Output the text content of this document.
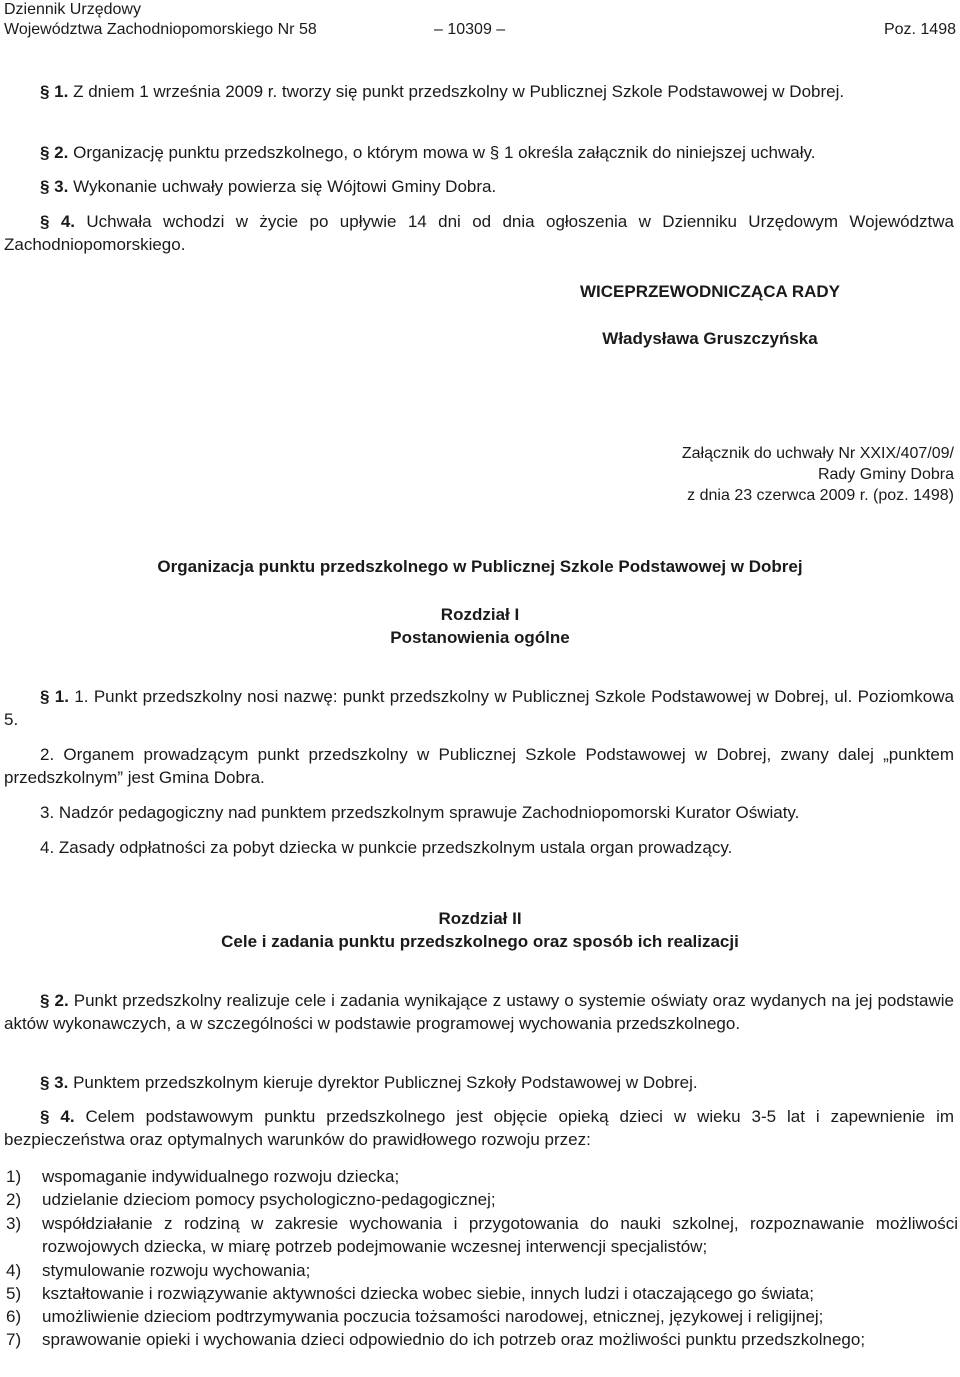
Dziennik Urzędowy
Województwa Zachodniopomorskiego Nr 58	– 10309 –	Poz. 1498

§ 1. Z dniem 1 września 2009 r. tworzy się punkt przedszkolny w Publicznej Szkole Podstawowej w Dobrej.

§ 2. Organizację punktu przedszkolnego, o którym mowa w § 1 określa załącznik do niniejszej uchwały.

§ 3. Wykonanie uchwały powierza się Wójtowi Gminy Dobra.

§ 4. Uchwała wchodzi w życie po upływie 14 dni od dnia ogłoszenia w Dzienniku Urzędowym Województwa Zachodniopomorskiego.

WICEPRZEWODNICZĄCA RADY
Władysława Gruszczyńska
Załącznik do uchwały Nr XXIX/407/09/
Rady Gminy Dobra
z dnia 23 czerwca 2009 r. (poz. 1498)
Organizacja punktu przedszkolnego w Publicznej Szkole Podstawowej w Dobrej
Rozdział I
Postanowienia ogólne

§ 1. 1. Punkt przedszkolny nosi nazwę: punkt przedszkolny w Publicznej Szkole Podstawowej w Dobrej, ul. Poziomkowa 5.

2. Organem prowadzącym punkt przedszkolny w Publicznej Szkole Podstawowej w Dobrej, zwany dalej „punktem przedszkolnym” jest Gmina Dobra.

3. Nadzór pedagogiczny nad punktem przedszkolnym sprawuje Zachodniopomorski Kurator Oświaty.

4. Zasady odpłatności za pobyt dziecka w punkcie przedszkolnym ustala organ prowadzący.

Rozdział II
Cele i zadania punktu przedszkolnego oraz sposób ich realizacji

§ 2. Punkt przedszkolny realizuje cele i zadania wynikające z ustawy o systemie oświaty oraz wydanych na jej podstawie aktów wykonawczych, a w szczególności w podstawie programowej wychowania przedszkolnego.

§ 3. Punktem przedszkolnym kieruje dyrektor Publicznej Szkoły Podstawowej w Dobrej.

§ 4. Celem podstawowym punktu przedszkolnego jest objęcie opieką dzieci w wieku 3-5 lat i zapewnienie im bezpieczeństwa oraz optymalnych warunków do prawidłowego rozwoju przez:

1) wspomaganie indywidualnego rozwoju dziecka;
2) udzielanie dzieciom pomocy psychologiczno-pedagogicznej;
3) współdziałanie z rodziną w zakresie wychowania i przygotowania do nauki szkolnej, rozpoznawanie możliwości rozwojowych dziecka, w miarę potrzeb podejmowanie wczesnej interwencji specjalistów;
4) stymulowanie rozwoju wychowania;
5) kształtowanie i rozwiązywanie aktywności dziecka wobec siebie, innych ludzi i otaczającego go świata;
6) umożliwienie dzieciom podtrzymywania poczucia tożsamości narodowej, etnicznej, językowej i religijnej;
7) sprawowanie opieki i wychowania dzieci odpowiednio do ich potrzeb oraz możliwości punktu przedszkolnego;
